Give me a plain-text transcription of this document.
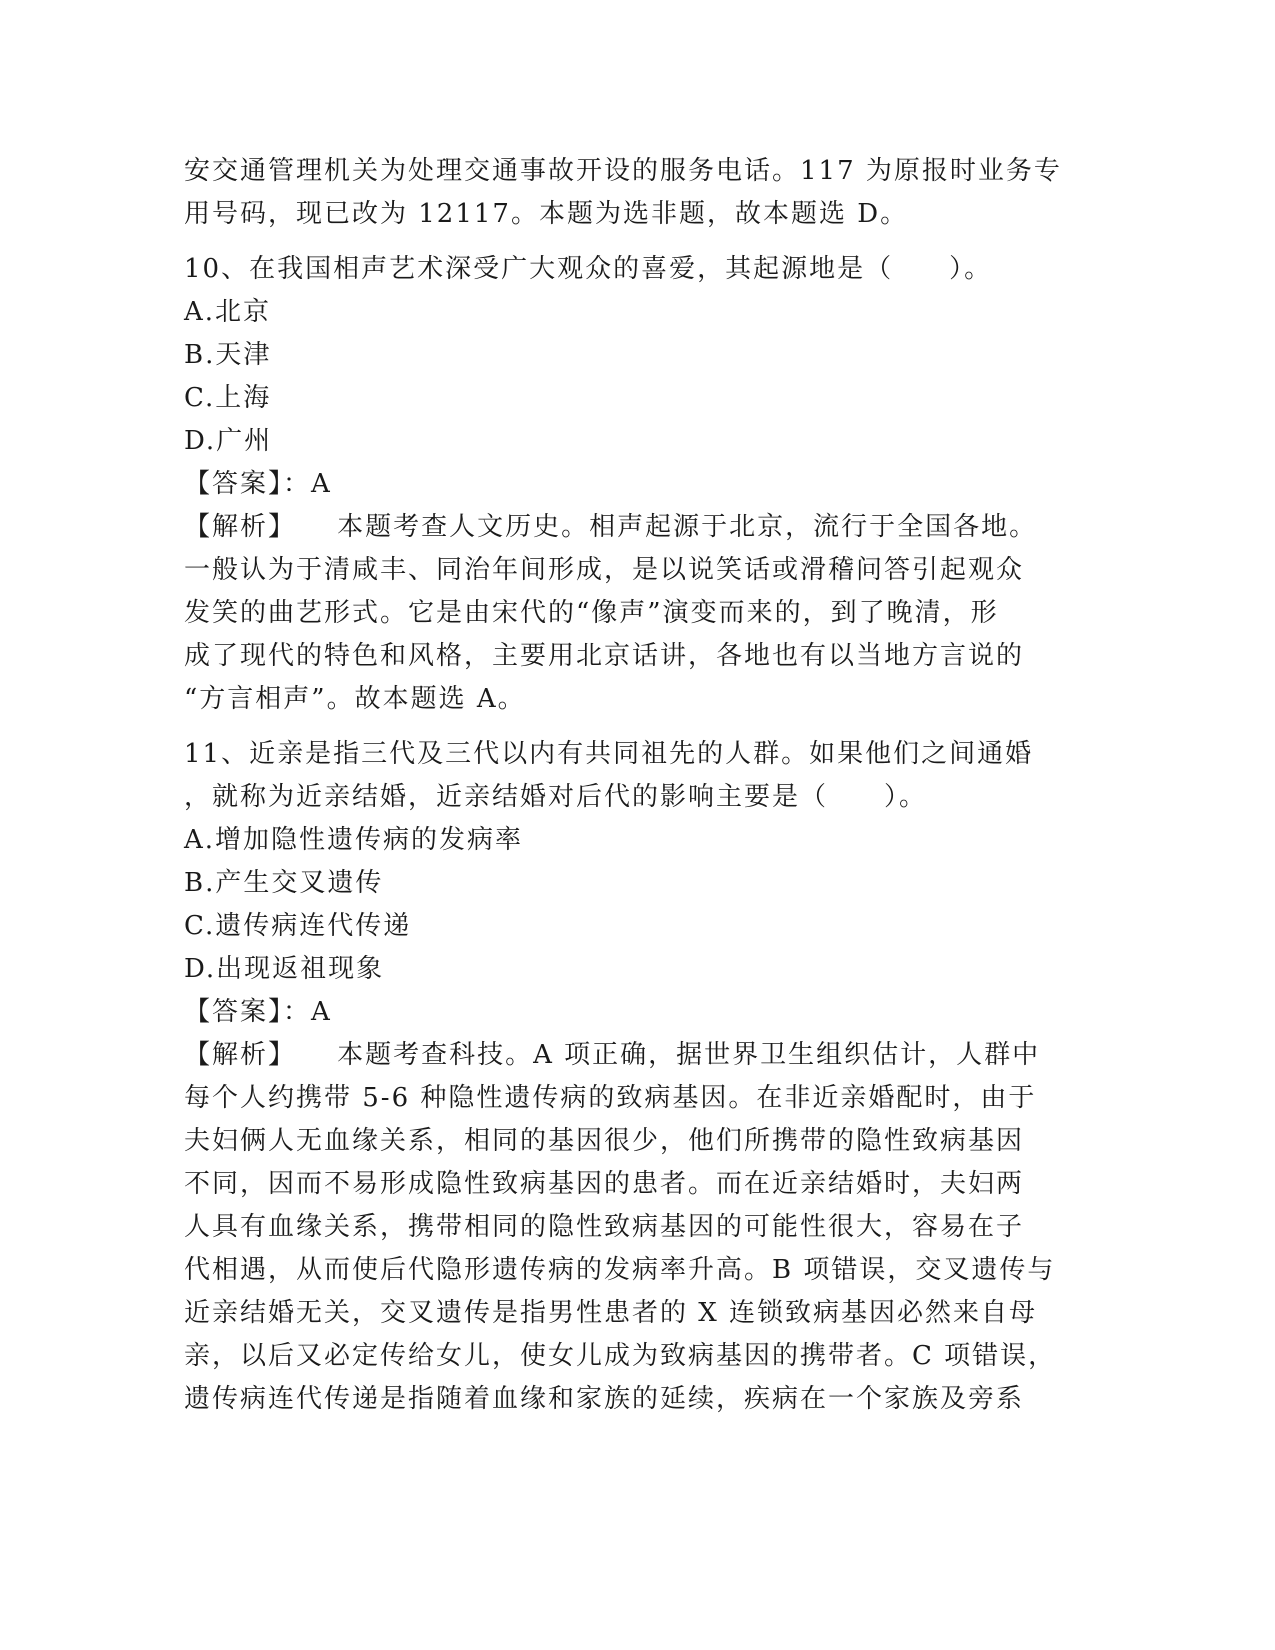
安交通管理机关为处理交通事故开设的服务电话。117 为原报时业务专
用号码，现已改为 12117。本题为选非题，故本题选 D。
10、在我国相声艺术深受广大观众的喜爱，其起源地是（　　）。
A.北京
B.天津
C.上海
D.广州
【答案】：A
【解析】 本题考查人文历史。相声起源于北京，流行于全国各地。
一般认为于清咸丰、同治年间形成，是以说笑话或滑稽问答引起观众
发笑的曲艺形式。它是由宋代的“像声”演变而来的，到了晚清，形
成了现代的特色和风格，主要用北京话讲，各地也有以当地方言说的
“方言相声”。故本题选 A。
11、近亲是指三代及三代以内有共同祖先的人群。如果他们之间通婚
，就称为近亲结婚，近亲结婚对后代的影响主要是（　　）。
A.增加隐性遗传病的发病率
B.产生交叉遗传
C.遗传病连代传递
D.出现返祖现象
【答案】：A
【解析】 本题考查科技。A 项正确，据世界卫生组织估计，人群中
每个人约携带 5-6 种隐性遗传病的致病基因。在非近亲婚配时，由于
夫妇俩人无血缘关系，相同的基因很少，他们所携带的隐性致病基因
不同，因而不易形成隐性致病基因的患者。而在近亲结婚时，夫妇两
人具有血缘关系，携带相同的隐性致病基因的可能性很大，容易在子
代相遇，从而使后代隐形遗传病的发病率升高。B 项错误，交叉遗传与
近亲结婚无关，交叉遗传是指男性患者的 X 连锁致病基因必然来自母
亲，以后又必定传给女儿，使女儿成为致病基因的携带者。C 项错误，
遗传病连代传递是指随着血缘和家族的延续，疾病在一个家族及旁系
